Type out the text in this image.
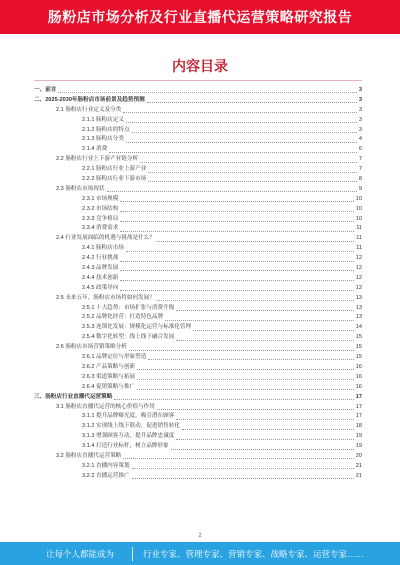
肠粉店市场分析及行业直播代运营策略研究报告
内容目录
一、前言	3
二、2025-2030年肠粉店市场前景及趋势预测	3
2.1 肠粉店行业定义及分类	3
2.1.1 肠粉店定义	3
2.1.2 肠粉店的特点	3
2.1.3 肠粉店分类	4
2.1.4 消费	6
2.2 肠粉店行业上下游产业链分析	7
2.2.1 肠粉店行业上游产业	7
2.2.2 肠粉店行业下游市场	8
2.3 肠粉店市场现状	9
2.3.1 市场规模	10
2.3.2 市场结构	10
2.3.3 竞争格局	10
2.3.4 消费需求	11
2.4 行业发展面临的机遇与挑战是什么？	11
2.4.1 肠粉店市场	11
2.4.2 行业挑战	12
2.4.3 品牌发展	12
2.4.4 技术创新	12
2.4.5 政策导向	12
2.5 未来五年，肠粉店市场将如何发展？	13
2.5.1 十大趋势：市场扩张与消费升级	13
2.5.2 品牌化经营：打造特色品牌	13
2.5.3 连锁化发展：规模化运营与标准化管理	14
2.5.4 数字化转型：线上线下融合发展	15
2.6 肠粉店市场营销策略分析	15
2.6.1 品牌定位与形象塑造	15
2.6.2 产品策略与创新	16
2.6.3 渠道策略与拓展	16
2.6.4 促销策略与推广	16
三、肠粉店行业直播代运营策略	17
3.1 肠粉店直播代运营的核心价值与作用	17
3.1.1 提升品牌曝光度，吸引潜在顾客	17
3.1.2 实现线上线下联动，促进销售转化	18
3.1.3 增强顾客互动，提升品牌忠诚度	19
3.1.4 打造行业标杆，树立品牌形象	19
3.2 肠粉店直播代运营策略	20
3.2.1 直播内容策划	21
3.2.2 直播运营推广	21
2
让每个人都能成为	行业专家、管理专家、营销专家、战略专家、运营专家……
